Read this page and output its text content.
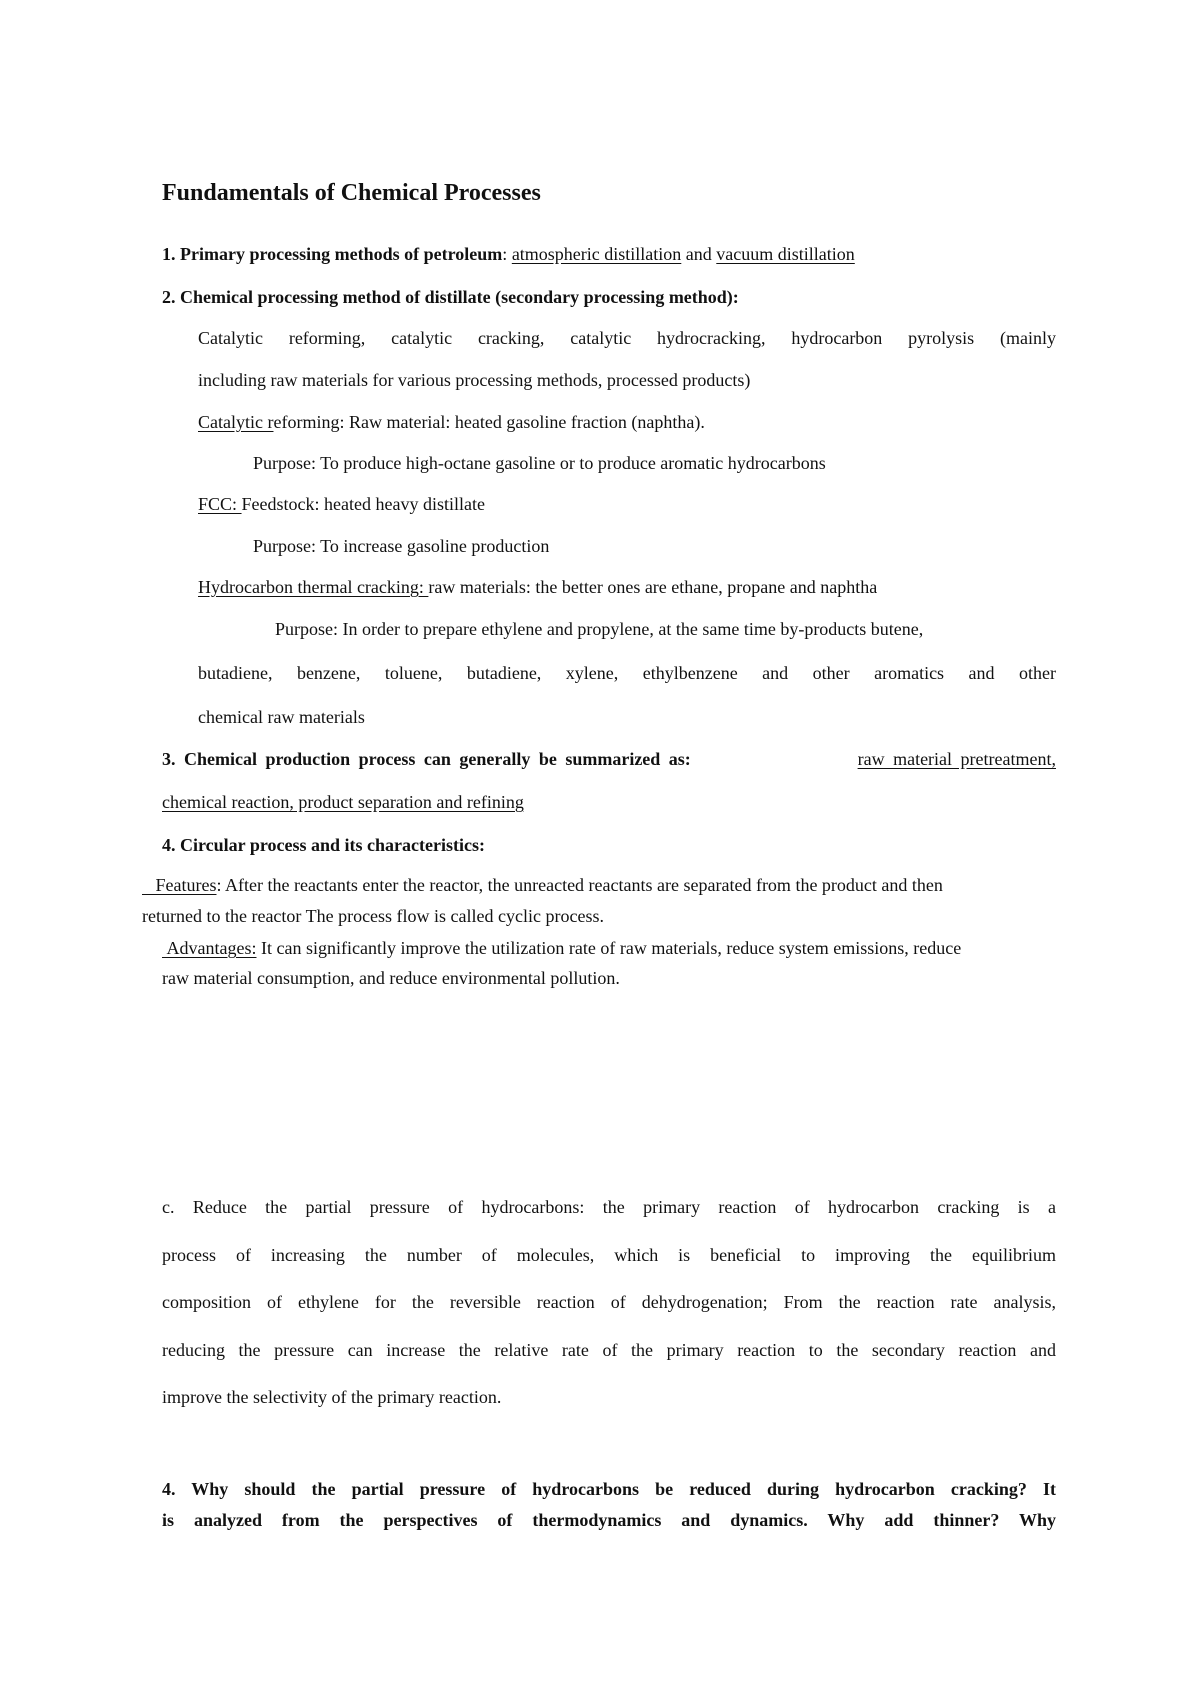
Fundamentals of Chemical Processes
1. Primary processing methods of petroleum: atmospheric distillation and vacuum distillation
2. Chemical processing method of distillate (secondary processing method):
Catalytic reforming, catalytic cracking, catalytic hydrocracking, hydrocarbon pyrolysis (mainly
including raw materials for various processing methods, processed products)
Catalytic reforming: Raw material: heated gasoline fraction (naphtha).
Purpose: To produce high-octane gasoline or to produce aromatic hydrocarbons
FCC: Feedstock: heated heavy distillate
Purpose: To increase gasoline production
Hydrocarbon thermal cracking: raw materials: the better ones are ethane, propane and naphtha
Purpose: In order to prepare ethylene and propylene, at the same time by-products butene,
butadiene, benzene, toluene, butadiene, xylene, ethylbenzene and other aromatics and other
chemical raw materials
3. Chemical production process can generally be summarized as:	raw material pretreatment,
chemical reaction, product separation and refining
4. Circular process and its characteristics:
Features: After the reactants enter the reactor, the unreacted reactants are separated from the product and then
returned to the reactor The process flow is called cyclic process.
Advantages: It can significantly improve the utilization rate of raw materials, reduce system emissions, reduce
raw material consumption, and reduce environmental pollution.
c. Reduce the partial pressure of hydrocarbons: the primary reaction of hydrocarbon cracking is a
process of increasing the number of molecules, which is beneficial to improving the equilibrium
composition of ethylene for the reversible reaction of dehydrogenation; From the reaction rate analysis,
reducing the pressure can increase the relative rate of the primary reaction to the secondary reaction and
improve the selectivity of the primary reaction.
4. Why should the partial pressure of hydrocarbons be reduced during hydrocarbon cracking? It
is analyzed from the perspectives of thermodynamics and dynamics. Why add thinner? Why
